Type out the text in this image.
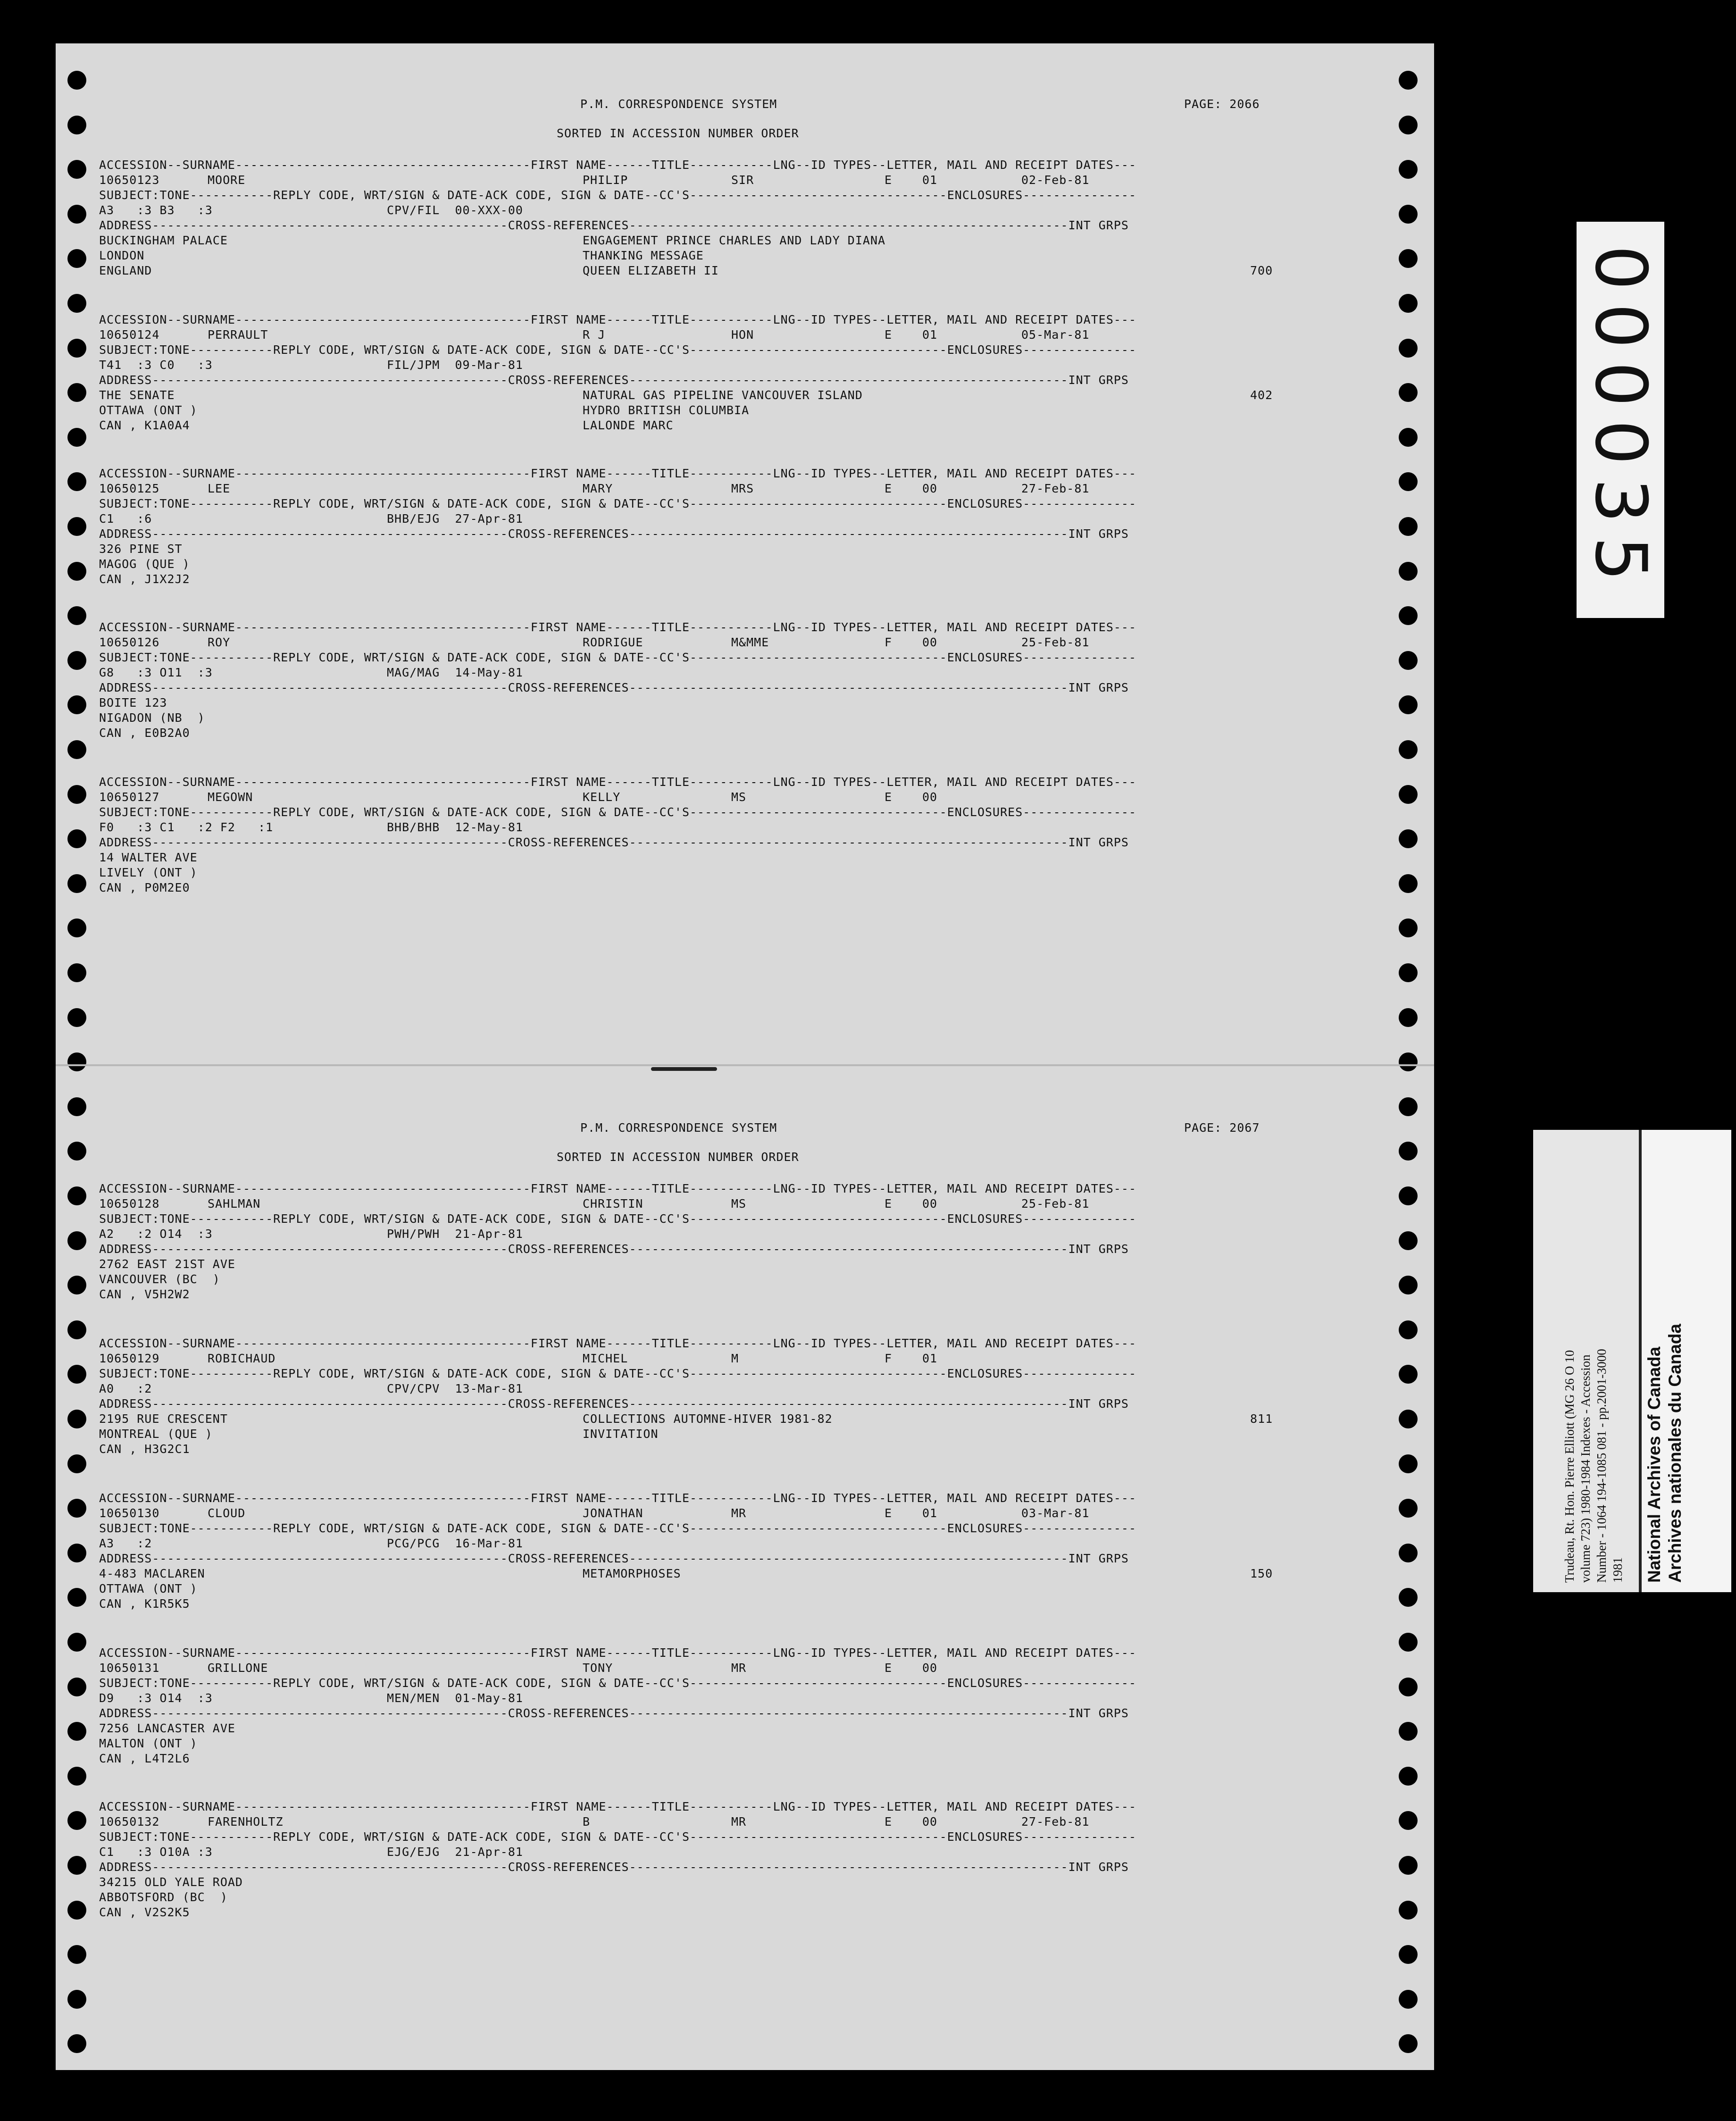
P.M. CORRESPONDENCE SYSTEM	PAGE: 2066
SORTED IN ACCESSION NUMBER ORDER
ACCESSION--SURNAME---------------------------------------FIRST NAME------TITLE-----------LNG--ID TYPES--LETTER, MAIL AND RECEIPT DATES---
10650123	MOORE	PHILIP	SIR	E	01	02-Feb-81
SUBJECT:TONE-----------REPLY CODE, WRT/SIGN & DATE-ACK CODE, SIGN & DATE--CC'S----------------------------------ENCLOSURES---------------
A3   :3 B3   :3	CPV/FIL  00-XXX-00
ADDRESS-----------------------------------------------CROSS-REFERENCES----------------------------------------------------------INT GRPS
BUCKINGHAM PALACE	ENGAGEMENT PRINCE CHARLES AND LADY DIANA
LONDON	THANKING MESSAGE
ENGLAND	QUEEN ELIZABETH II	700
ACCESSION--SURNAME---------------------------------------FIRST NAME------TITLE-----------LNG--ID TYPES--LETTER, MAIL AND RECEIPT DATES---
10650124	PERRAULT	R J	HON	E	01	05-Mar-81
SUBJECT:TONE-----------REPLY CODE, WRT/SIGN & DATE-ACK CODE, SIGN & DATE--CC'S----------------------------------ENCLOSURES---------------
T41  :3 C0   :3	FIL/JPM  09-Mar-81
ADDRESS-----------------------------------------------CROSS-REFERENCES----------------------------------------------------------INT GRPS
THE SENATE	NATURAL GAS PIPELINE VANCOUVER ISLAND	402
OTTAWA (ONT )	HYDRO BRITISH COLUMBIA
CAN , K1A0A4	LALONDE MARC
ACCESSION--SURNAME---------------------------------------FIRST NAME------TITLE-----------LNG--ID TYPES--LETTER, MAIL AND RECEIPT DATES---
10650125	LEE	MARY	MRS	E	00	27-Feb-81
SUBJECT:TONE-----------REPLY CODE, WRT/SIGN & DATE-ACK CODE, SIGN & DATE--CC'S----------------------------------ENCLOSURES---------------
C1   :6	BHB/EJG  27-Apr-81
ADDRESS-----------------------------------------------CROSS-REFERENCES----------------------------------------------------------INT GRPS
326 PINE ST
MAGOG (QUE )
CAN , J1X2J2
ACCESSION--SURNAME---------------------------------------FIRST NAME------TITLE-----------LNG--ID TYPES--LETTER, MAIL AND RECEIPT DATES---
10650126	ROY	RODRIGUE	M&MME	F	00	25-Feb-81
SUBJECT:TONE-----------REPLY CODE, WRT/SIGN & DATE-ACK CODE, SIGN & DATE--CC'S----------------------------------ENCLOSURES---------------
G8   :3 O11  :3	MAG/MAG  14-May-81
ADDRESS-----------------------------------------------CROSS-REFERENCES----------------------------------------------------------INT GRPS
BOITE 123
NIGADON (NB  )
CAN , E0B2A0
ACCESSION--SURNAME---------------------------------------FIRST NAME------TITLE-----------LNG--ID TYPES--LETTER, MAIL AND RECEIPT DATES---
10650127	MEGOWN	KELLY	MS	E	00
SUBJECT:TONE-----------REPLY CODE, WRT/SIGN & DATE-ACK CODE, SIGN & DATE--CC'S----------------------------------ENCLOSURES---------------
F0   :3 C1   :2 F2   :1	BHB/BHB  12-May-81
ADDRESS-----------------------------------------------CROSS-REFERENCES----------------------------------------------------------INT GRPS
14 WALTER AVE
LIVELY (ONT )
CAN , P0M2E0
P.M. CORRESPONDENCE SYSTEM	PAGE: 2067
SORTED IN ACCESSION NUMBER ORDER
ACCESSION--SURNAME---------------------------------------FIRST NAME------TITLE-----------LNG--ID TYPES--LETTER, MAIL AND RECEIPT DATES---
10650128	SAHLMAN	CHRISTIN	MS	E	00	25-Feb-81
SUBJECT:TONE-----------REPLY CODE, WRT/SIGN & DATE-ACK CODE, SIGN & DATE--CC'S----------------------------------ENCLOSURES---------------
A2   :2 O14  :3	PWH/PWH  21-Apr-81
ADDRESS-----------------------------------------------CROSS-REFERENCES----------------------------------------------------------INT GRPS
2762 EAST 21ST AVE
VANCOUVER (BC  )
CAN , V5H2W2
ACCESSION--SURNAME---------------------------------------FIRST NAME------TITLE-----------LNG--ID TYPES--LETTER, MAIL AND RECEIPT DATES---
10650129	ROBICHAUD	MICHEL	M	F	01
SUBJECT:TONE-----------REPLY CODE, WRT/SIGN & DATE-ACK CODE, SIGN & DATE--CC'S----------------------------------ENCLOSURES---------------
A0   :2	CPV/CPV  13-Mar-81
ADDRESS-----------------------------------------------CROSS-REFERENCES----------------------------------------------------------INT GRPS
2195 RUE CRESCENT	COLLECTIONS AUTOMNE-HIVER 1981-82	811
MONTREAL (QUE )	INVITATION
CAN , H3G2C1
ACCESSION--SURNAME---------------------------------------FIRST NAME------TITLE-----------LNG--ID TYPES--LETTER, MAIL AND RECEIPT DATES---
10650130	CLOUD	JONATHAN	MR	E	01	03-Mar-81
SUBJECT:TONE-----------REPLY CODE, WRT/SIGN & DATE-ACK CODE, SIGN & DATE--CC'S----------------------------------ENCLOSURES---------------
A3   :2	PCG/PCG  16-Mar-81
ADDRESS-----------------------------------------------CROSS-REFERENCES----------------------------------------------------------INT GRPS
4-483 MACLAREN	METAMORPHOSES	150
OTTAWA (ONT )
CAN , K1R5K5
ACCESSION--SURNAME---------------------------------------FIRST NAME------TITLE-----------LNG--ID TYPES--LETTER, MAIL AND RECEIPT DATES---
10650131	GRILLONE	TONY	MR	E	00
SUBJECT:TONE-----------REPLY CODE, WRT/SIGN & DATE-ACK CODE, SIGN & DATE--CC'S----------------------------------ENCLOSURES---------------
D9   :3 O14  :3	MEN/MEN  01-May-81
ADDRESS-----------------------------------------------CROSS-REFERENCES----------------------------------------------------------INT GRPS
7256 LANCASTER AVE
MALTON (ONT )
CAN , L4T2L6
ACCESSION--SURNAME---------------------------------------FIRST NAME------TITLE-----------LNG--ID TYPES--LETTER, MAIL AND RECEIPT DATES---
10650132	FARENHOLTZ	B	MR	E	00	27-Feb-81
SUBJECT:TONE-----------REPLY CODE, WRT/SIGN & DATE-ACK CODE, SIGN & DATE--CC'S----------------------------------ENCLOSURES---------------
C1   :3 O10A :3	EJG/EJG  21-Apr-81
ADDRESS-----------------------------------------------CROSS-REFERENCES----------------------------------------------------------INT GRPS
34215 OLD YALE ROAD
ABBOTSFORD (BC  )
CAN , V2S2K5
000035
Trudeau, Rt. Hon. Pierre Elliott (MG 26 O 10 volume 723) 1980-1984 Indexes - Accession Number - 1064 194-1085 081 - pp.2001-3000 1981 National Archives of Canada Archives nationales du Canada
